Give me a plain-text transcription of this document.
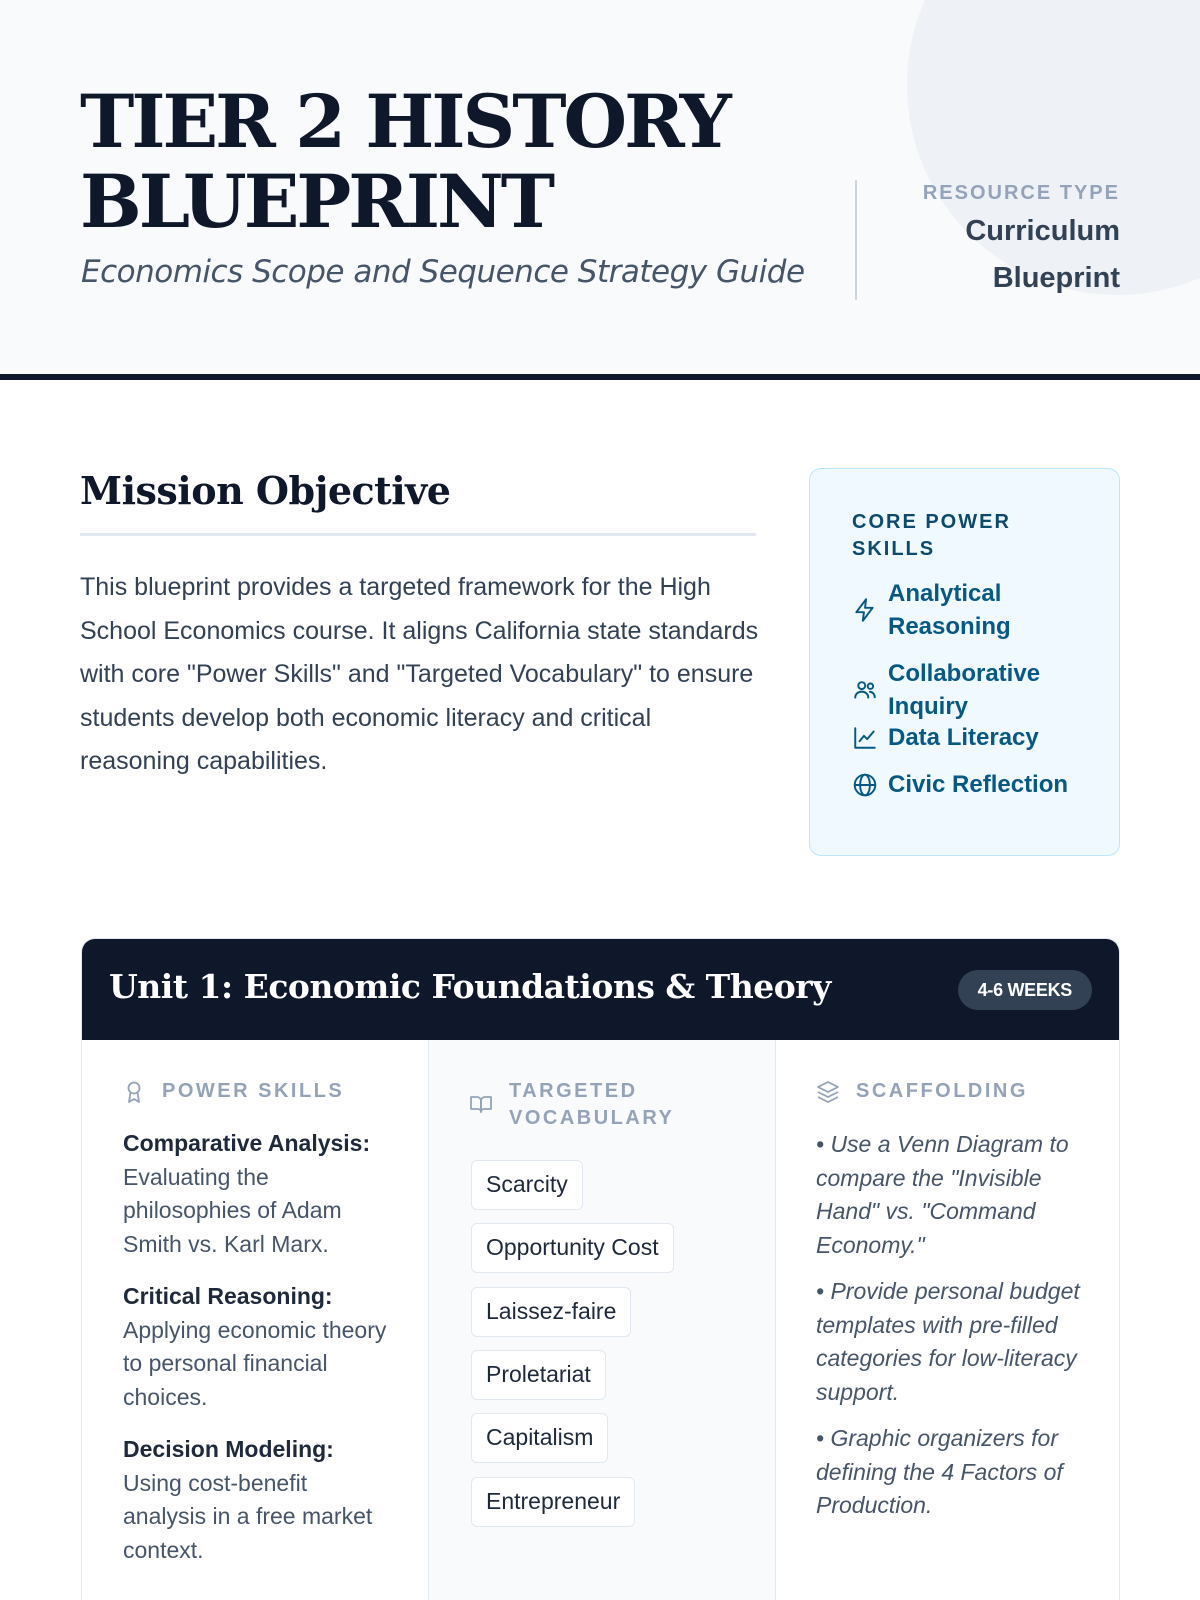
TIER 2 HISTORY BLUEPRINT
Economics Scope and Sequence Strategy Guide
RESOURCE TYPE
Curriculum Blueprint
Mission Objective

This blueprint provides a targeted framework for the High School Economics course. It aligns California state standards with core "Power Skills" and "Targeted Vocabulary" to ensure students develop both economic literacy and critical reasoning capabilities.

CORE POWER SKILLS
Analytical Reasoning
Collaborative Inquiry
Data Literacy
Civic Reflection
Unit 1: Economic Foundations & Theory	4-6 WEEKS
POWER SKILLS
Comparative Analysis:
Evaluating the philosophies of Adam Smith vs. Karl Marx.
Critical Reasoning:
Applying economic theory to personal financial choices.
Decision Modeling:
Using cost-benefit analysis in a free market context.
TARGETED VOCABULARY
Scarcity
Opportunity Cost
Laissez-faire
Proletariat
Capitalism
Entrepreneur
SCAFFOLDING
• Use a Venn Diagram to compare the "Invisible Hand" vs. "Command Economy."
• Provide personal budget templates with pre-filled categories for low-literacy support.
• Graphic organizers for defining the 4 Factors of Production.
